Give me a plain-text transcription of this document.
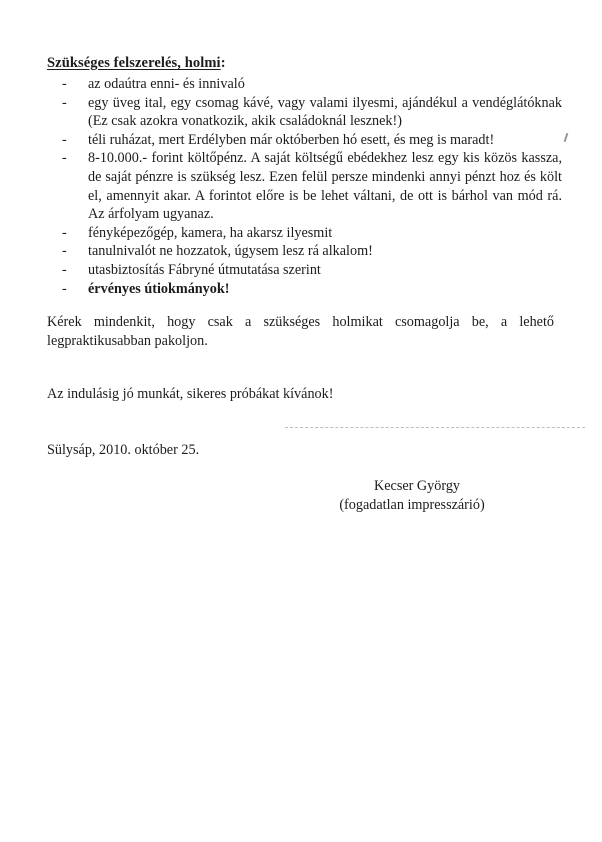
Szükséges felszerelés, holmi:
- az odaútra enni- és innivaló
- egy üveg ital, egy csomag kávé, vagy valami ilyesmi, ajándékul a vendéglátóknak (Ez csak azokra vonatkozik, akik családoknál lesznek!)
- téli ruházat, mert Erdélyben már októberben hó esett, és meg is maradt!
- 8-10.000.- forint költőpénz. A saját költségű ebédekhez lesz egy kis közös kassza, de saját pénzre is szükség lesz. Ezen felül persze mindenki annyi pénzt hoz és költ el, amennyit akar. A forintot előre is be lehet váltani, de ott is bárhol van mód rá. Az árfolyam ugyanaz.
- fényképezőgép, kamera, ha akarsz ilyesmit
- tanulnivalót ne hozzatok, úgysem lesz rá alkalom!
- utasbiztosítás Fábryné útmutatása szerint
- érvényes útiokmányok!

Kérek mindenkit, hogy csak a szükséges holmikat csomagolja be, a lehető legpraktikusabban pakoljon.

Az indulásig jó munkát, sikeres próbákat kívánok!

Sülysáp, 2010. október 25.

Kecser György
(fogadatlan impresszárió)
